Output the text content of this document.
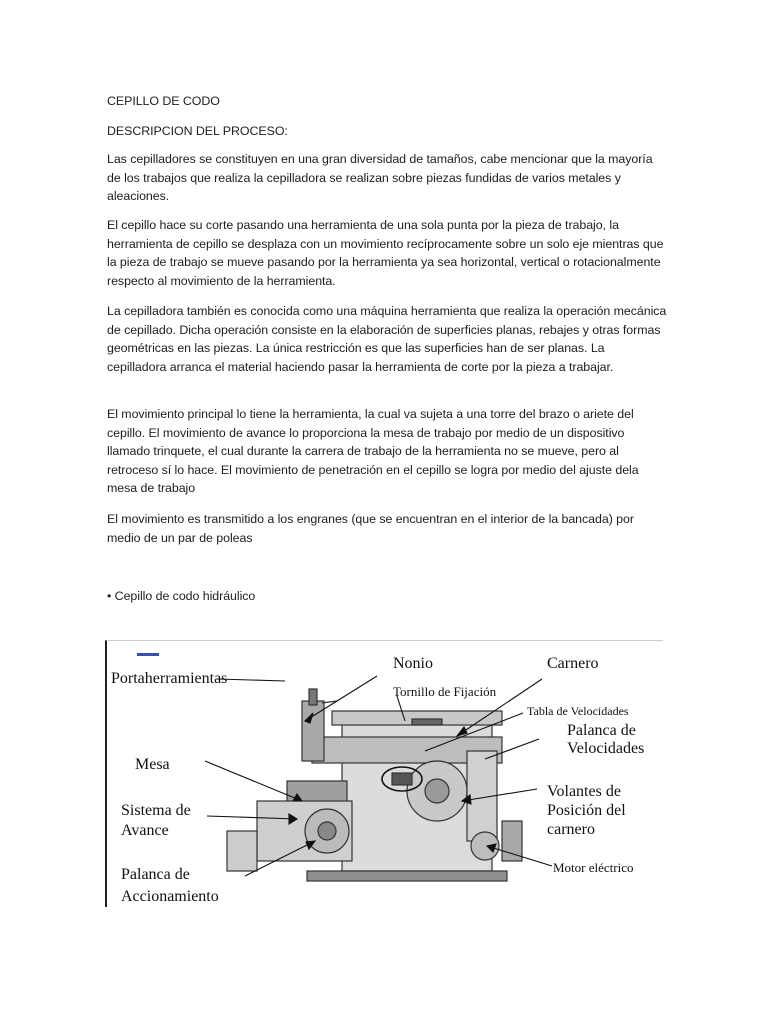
CEPILLO DE CODO

DESCRIPCION DEL PROCESO:

Las cepilladores se constituyen en una gran diversidad de tamaños, cabe mencionar que la mayoría de los trabajos que realiza la cepilladora se realizan sobre piezas fundidas de varios metales y aleaciones.

El cepillo hace su corte pasando una herramienta de una sola punta por la pieza de trabajo, la herramienta de cepillo se desplaza con un movimiento recíprocamente sobre un solo eje mientras que la pieza de trabajo se mueve pasando por la herramienta ya sea horizontal, vertical o rotacionalmente respecto al movimiento de la herramienta.

La cepilladora también es conocida como una máquina herramienta que realiza la operación mecánica de cepillado. Dicha operación consiste en la elaboración de superficies planas, rebajes y otras formas geométricas en las piezas. La única restricción es que las superficies han de ser planas. La cepilladora arranca el material haciendo pasar la herramienta de corte por la pieza a trabajar.

El movimiento principal lo tiene la herramienta, la cual va sujeta a una torre del brazo o ariete del cepillo. El movimiento de avance lo proporciona la mesa de trabajo por medio de un dispositivo llamado trinquete, el cual durante la carrera de trabajo de la herramienta no se mueve, pero al retroceso sí lo hace. El movimiento de penetración en el cepillo se logra por medio del ajuste dela mesa de trabajo

El movimiento es transmitido a los engranes (que se encuentran en el interior de la bancada) por medio de un par de poleas

• Cepillo de codo hidráulico

Portaherramientas
Nonio	Carnero
Tornillo de Fijación
Tabla de Velocidades
Palanca de
Velocidades
Mesa
Sistema de
Avance
Volantes de
Posición del
carnero
Motor eléctrico
Palanca de
Accionamiento
